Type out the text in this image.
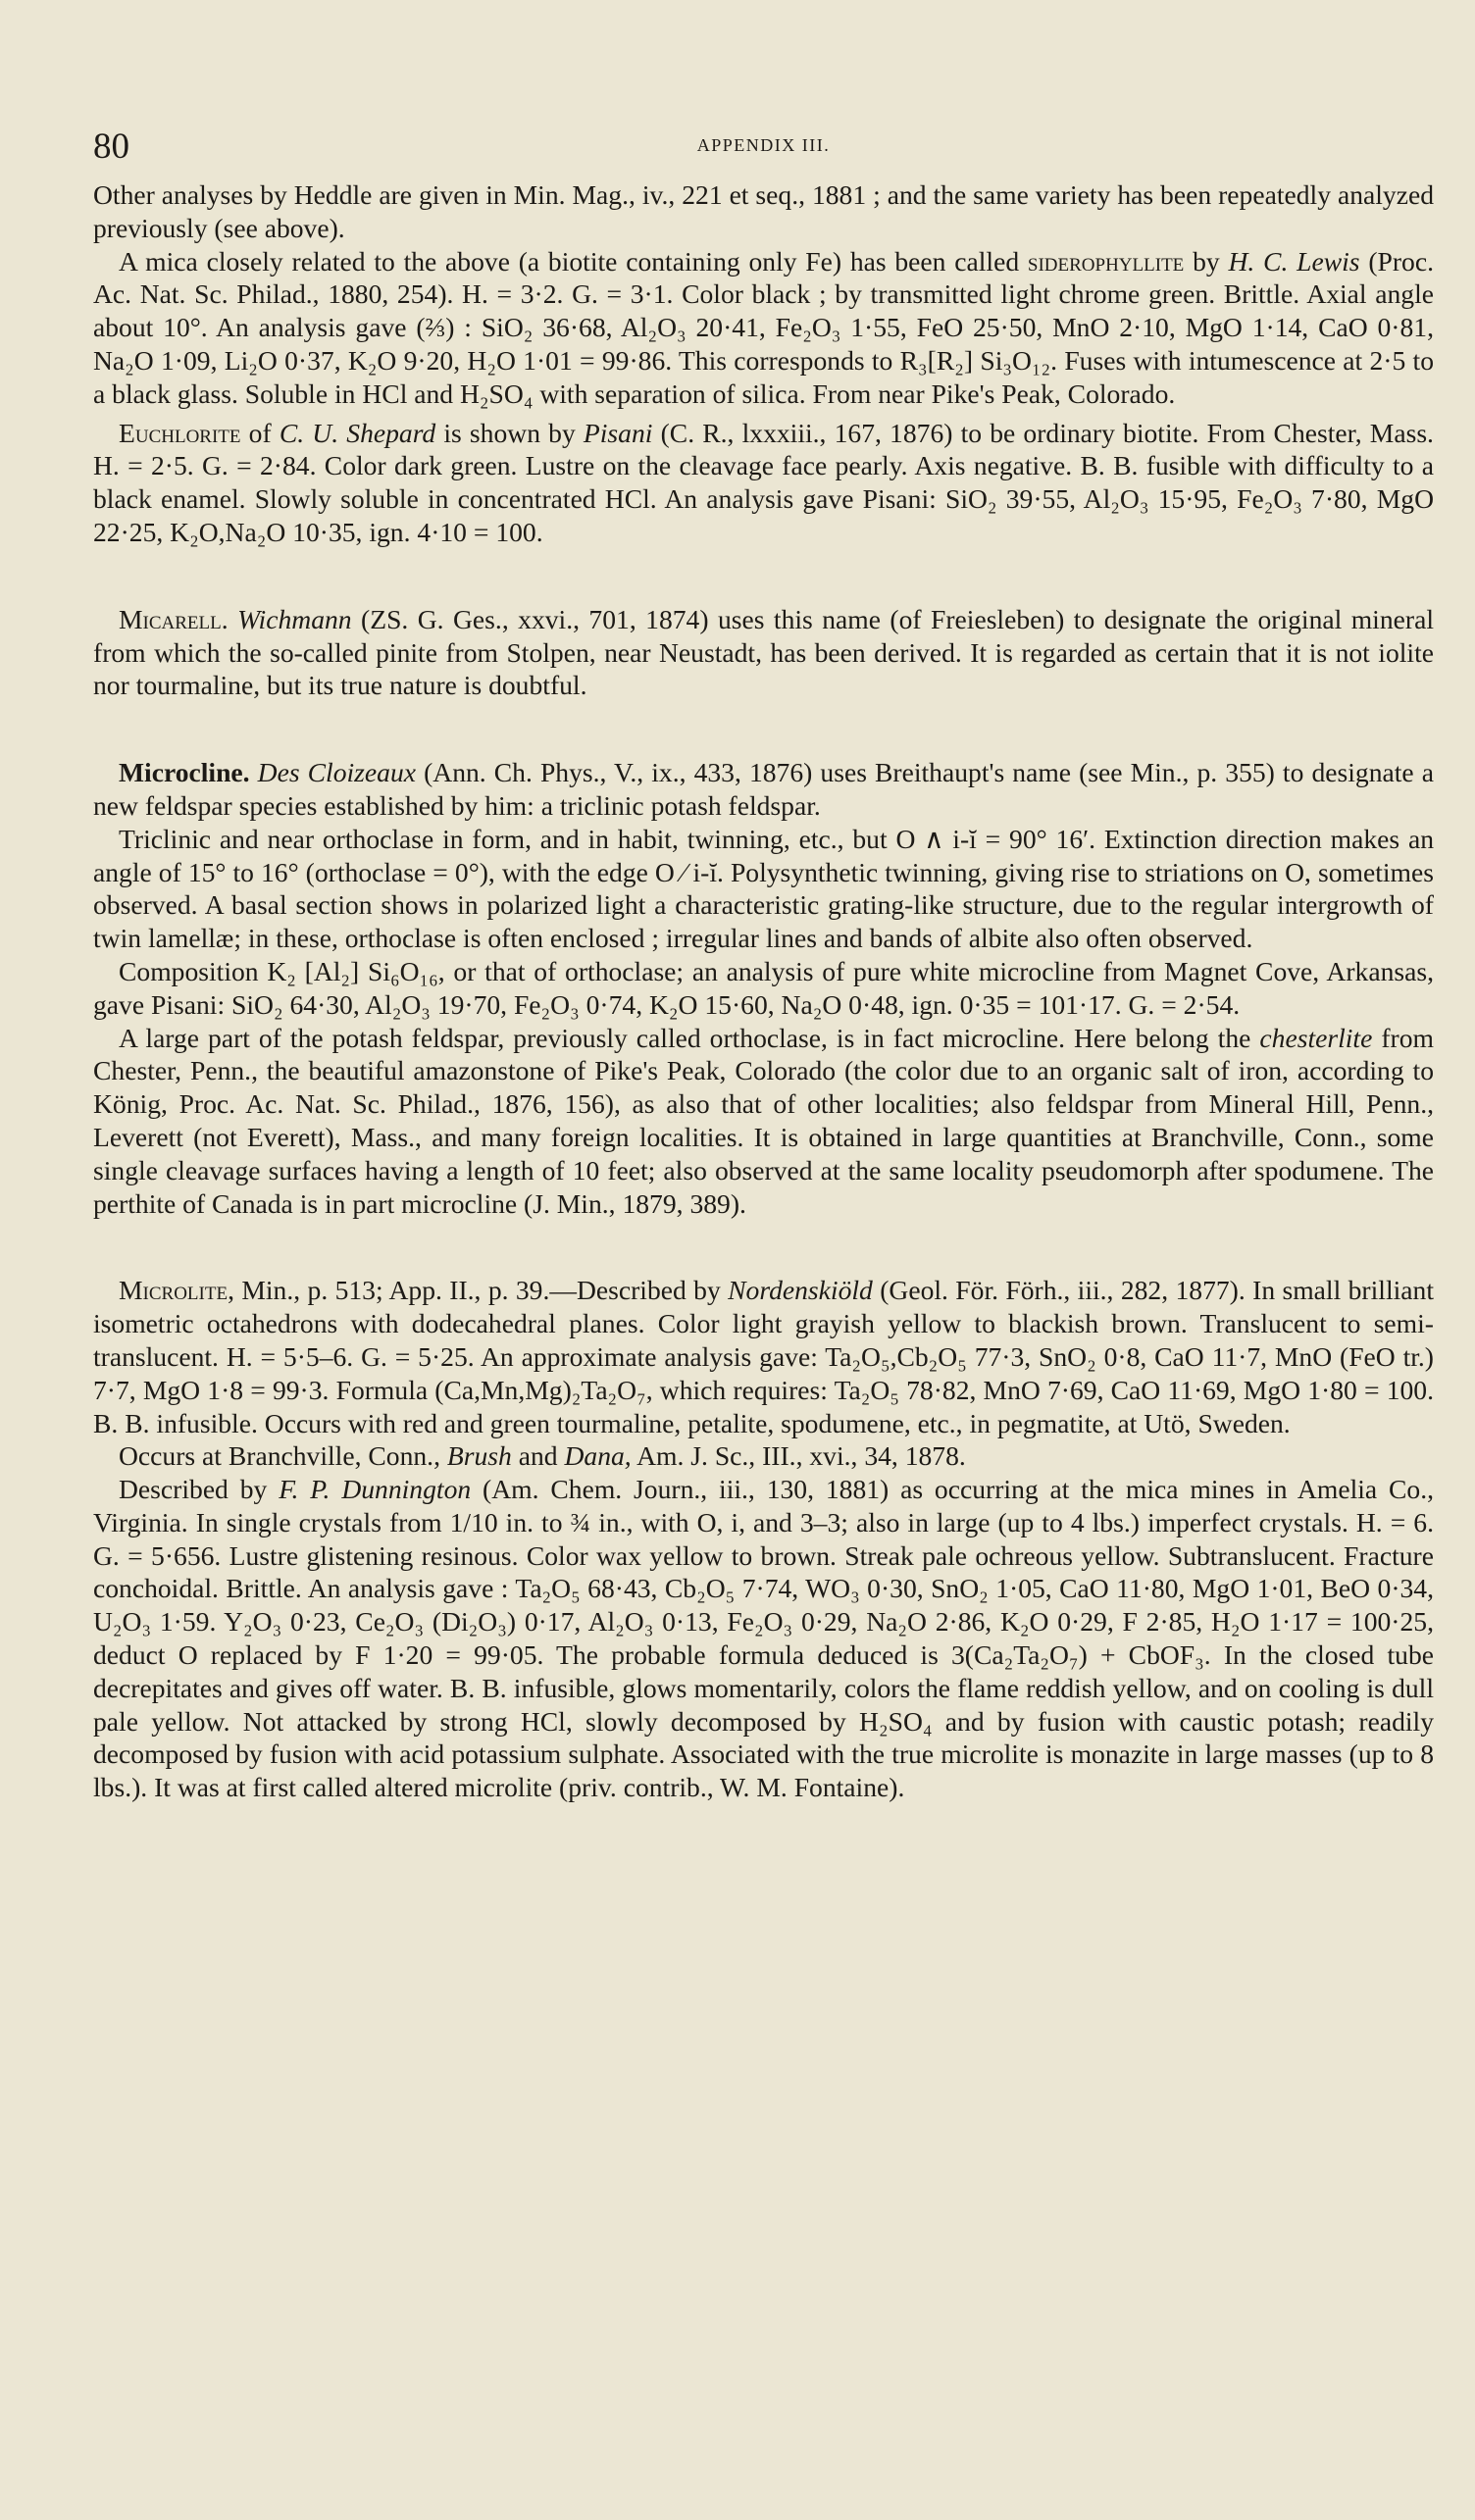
80	APPENDIX III.

Other analyses by Heddle are given in Min. Mag., iv., 221 et seq., 1881 ; and the same variety has been repeatedly analyzed previously (see above).

A mica closely related to the above (a biotite containing only Fe) has been called siderophyllite by H. C. Lewis (Proc. Ac. Nat. Sc. Philad., 1880, 254). H. = 3·2. G. = 3·1. Color black ; by transmitted light chrome green. Brittle. Axial angle about 10°. An analysis gave (⅔) : SiO₂ 36·68, Al₂O₃ 20·41, Fe₂O₃ 1·55, FeO 25·50, MnO 2·10, MgO 1·14, CaO 0·81, Na₂O 1·09, Li₂O 0·37, K₂O 9·20, H₂O 1·01 = 99·86. This corresponds to R₃[R₂] Si₃O₁₂. Fuses with intumescence at 2·5 to a black glass. Soluble in HCl and H₂SO₄ with separation of silica. From near Pike's Peak, Colorado.

Euchlorite of C. U. Shepard is shown by Pisani (C. R., lxxxiii., 167, 1876) to be ordinary biotite. From Chester, Mass. H. = 2·5. G. = 2·84. Color dark green. Lustre on the cleavage face pearly. Axis negative. B. B. fusible with difficulty to a black enamel. Slowly soluble in concentrated HCl. An analysis gave Pisani: SiO₂ 39·55, Al₂O₃ 15·95, Fe₂O₃ 7·80, MgO 22·25, K₂O,Na₂O 10·35, ign. 4·10 = 100.

Micarell. Wichmann (ZS. G. Ges., xxvi., 701, 1874) uses this name (of Freiesleben) to designate the original mineral from which the so-called pinite from Stolpen, near Neustadt, has been derived. It is regarded as certain that it is not iolite nor tourmaline, but its true nature is doubtful.

Microcline. Des Cloizeaux (Ann. Ch. Phys., V., ix., 433, 1876) uses Breithaupt's name (see Min., p. 355) to designate a new feldspar species established by him: a triclinic potash feldspar.

Triclinic and near orthoclase in form, and in habit, twinning, etc., but O ∧ i-ĭ = 90° 16′. Extinction direction makes an angle of 15° to 16° (orthoclase = 0°), with the edge O ∕ i-ĭ. Polysynthetic twinning, giving rise to striations on O, sometimes observed. A basal section shows in polarized light a characteristic grating-like structure, due to the regular intergrowth of twin lamellæ; in these, orthoclase is often enclosed ; irregular lines and bands of albite also often observed.

Composition K₂ [Al₂] Si₆O₁₆, or that of orthoclase; an analysis of pure white microcline from Magnet Cove, Arkansas, gave Pisani: SiO₂ 64·30, Al₂O₃ 19·70, Fe₂O₃ 0·74, K₂O 15·60, Na₂O 0·48, ign. 0·35 = 101·17. G. = 2·54.

A large part of the potash feldspar, previously called orthoclase, is in fact microcline. Here belong the chesterlite from Chester, Penn., the beautiful amazonstone of Pike's Peak, Colorado (the color due to an organic salt of iron, according to König, Proc. Ac. Nat. Sc. Philad., 1876, 156), as also that of other localities; also feldspar from Mineral Hill, Penn., Leverett (not Everett), Mass., and many foreign localities. It is obtained in large quantities at Branchville, Conn., some single cleavage surfaces having a length of 10 feet; also observed at the same locality pseudomorph after spodumene. The perthite of Canada is in part microcline (J. Min., 1879, 389).

Microlite, Min., p. 513; App. II., p. 39.—Described by Nordenskiöld (Geol. För. Förh., iii., 282, 1877). In small brilliant isometric octahedrons with dodecahedral planes. Color light grayish yellow to blackish brown. Translucent to semi-translucent. H. = 5·5–6. G. = 5·25. An approximate analysis gave: Ta₂O₅,Cb₂O₅ 77·3, SnO₂ 0·8, CaO 11·7, MnO (FeO tr.) 7·7, MgO 1·8 = 99·3. Formula (Ca,Mn,Mg)₂Ta₂O₇, which requires: Ta₂O₅ 78·82, MnO 7·69, CaO 11·69, MgO 1·80 = 100. B. B. infusible. Occurs with red and green tourmaline, petalite, spodumene, etc., in pegmatite, at Utö, Sweden.

Occurs at Branchville, Conn., Brush and Dana, Am. J. Sc., III., xvi., 34, 1878.

Described by F. P. Dunnington (Am. Chem. Journ., iii., 130, 1881) as occurring at the mica mines in Amelia Co., Virginia. In single crystals from 1/10 in. to ¾ in., with O, i, and 3–3; also in large (up to 4 lbs.) imperfect crystals. H. = 6. G. = 5·656. Lustre glistening resinous. Color wax yellow to brown. Streak pale ochreous yellow. Subtranslucent. Fracture conchoidal. Brittle. An analysis gave : Ta₂O₅ 68·43, Cb₂O₅ 7·74, WO₃ 0·30, SnO₂ 1·05, CaO 11·80, MgO 1·01, BeO 0·34, U₂O₃ 1·59. Y₂O₃ 0·23, Ce₂O₃ (Di₂O₃) 0·17, Al₂O₃ 0·13, Fe₂O₃ 0·29, Na₂O 2·86, K₂O 0·29, F 2·85, H₂O 1·17 = 100·25, deduct O replaced by F 1·20 = 99·05. The probable formula deduced is 3(Ca₂Ta₂O₇) + CbOF₃. In the closed tube decrepitates and gives off water. B. B. infusible, glows momentarily, colors the flame reddish yellow, and on cooling is dull pale yellow. Not attacked by strong HCl, slowly decomposed by H₂SO₄ and by fusion with caustic potash; readily decomposed by fusion with acid potassium sulphate. Associated with the true microlite is monazite in large masses (up to 8 lbs.). It was at first called altered microlite (priv. contrib., W. M. Fontaine).
